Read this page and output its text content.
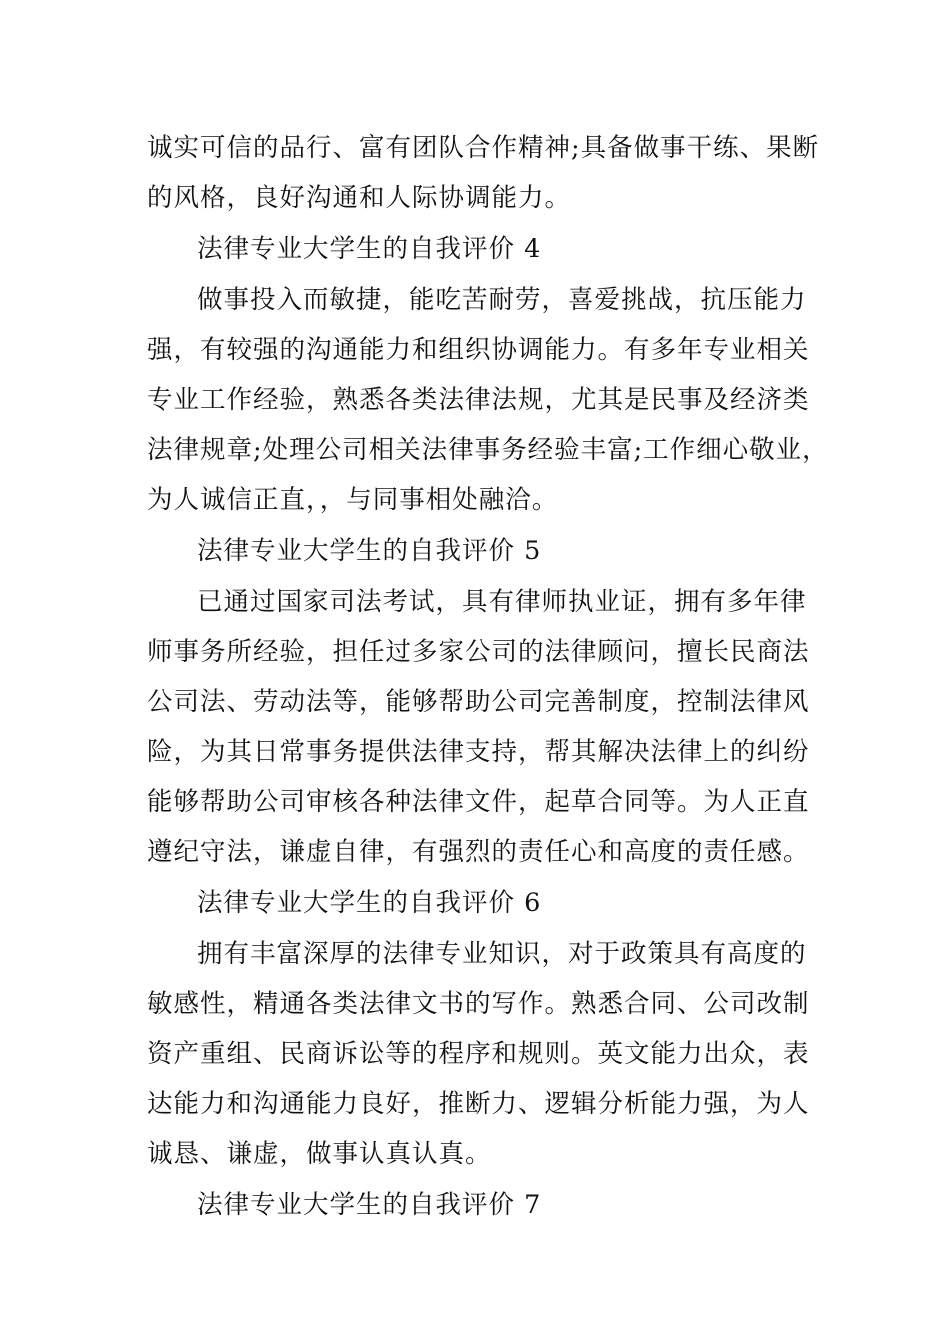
诚实可信的品行、富有团队合作精神;具备做事干练、果断
的风格，良好沟通和人际协调能力。
法律专业大学生的自我评价 4
做事投入而敏捷，能吃苦耐劳，喜爱挑战，抗压能力
强，有较强的沟通能力和组织协调能力。有多年专业相关
专业工作经验，熟悉各类法律法规，尤其是民事及经济类
法律规章;处理公司相关法律事务经验丰富;工作细心敬业，
为人诚信正直，，与同事相处融洽。
法律专业大学生的自我评价 5
已通过国家司法考试，具有律师执业证，拥有多年律
师事务所经验，担任过多家公司的法律顾问，擅长民商法
公司法、劳动法等，能够帮助公司完善制度，控制法律风
险，为其日常事务提供法律支持，帮其解决法律上的纠纷
能够帮助公司审核各种法律文件，起草合同等。为人正直
遵纪守法，谦虚自律，有强烈的责任心和高度的责任感。
法律专业大学生的自我评价 6
拥有丰富深厚的法律专业知识，对于政策具有高度的
敏感性，精通各类法律文书的写作。熟悉合同、公司改制
资产重组、民商诉讼等的程序和规则。英文能力出众，表
达能力和沟通能力良好，推断力、逻辑分析能力强，为人
诚恳、谦虚，做事认真认真。
法律专业大学生的自我评价 7
